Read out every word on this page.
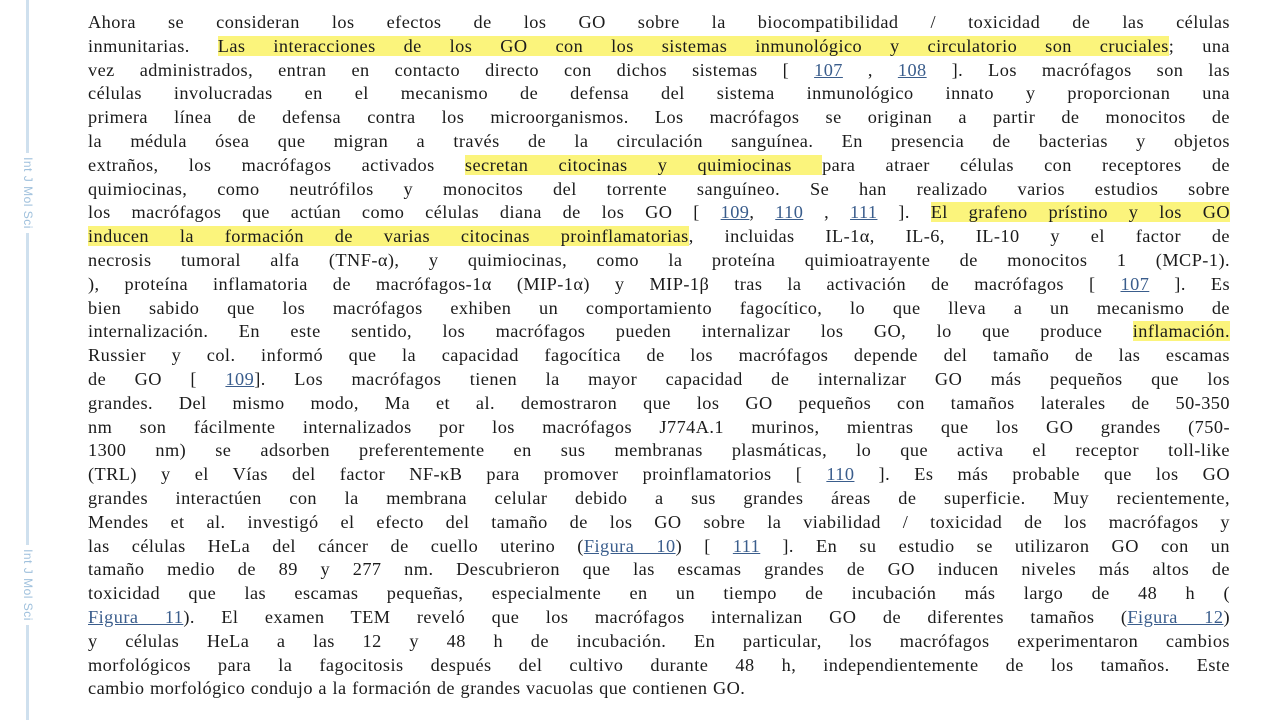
Int J Mol Sci
Int J Mol Sci
Ahora se consideran los efectos de los GO sobre la biocompatibilidad / toxicidad de las células
inmunitarias. Las interacciones de los GO con los sistemas inmunológico y circulatorio son cruciales; una
vez administrados, entran en contacto directo con dichos sistemas [ 107 , 108 ]. Los macrófagos son las
células involucradas en el mecanismo de defensa del sistema inmunológico innato y proporcionan una
primera línea de defensa contra los microorganismos. Los macrófagos se originan a partir de monocitos de
la médula ósea que migran a través de la circulación sanguínea. En presencia de bacterias y objetos
extraños, los macrófagos activados secretan citocinas y quimiocinas para atraer células con receptores de
quimiocinas, como neutrófilos y monocitos del torrente sanguíneo. Se han realizado varios estudios sobre
los macrófagos que actúan como células diana de los GO [ 109, 110 , 111 ]. El grafeno prístino y los GO
inducen la formación de varias citocinas proinflamatorias, incluidas IL-1α, IL-6, IL-10 y el factor de
necrosis tumoral alfa (TNF-α), y quimiocinas, como la proteína quimioatrayente de monocitos 1 (MCP-1).
), proteína inflamatoria de macrófagos-1α (MIP-1α) y MIP-1β tras la activación de macrófagos [ 107 ]. Es
bien sabido que los macrófagos exhiben un comportamiento fagocítico, lo que lleva a un mecanismo de
internalización. En este sentido, los macrófagos pueden internalizar los GO, lo que produce inflamación.
Russier y col. informó que la capacidad fagocítica de los macrófagos depende del tamaño de las escamas
de GO [ 109]. Los macrófagos tienen la mayor capacidad de internalizar GO más pequeños que los
grandes. Del mismo modo, Ma et al. demostraron que los GO pequeños con tamaños laterales de 50-350
nm son fácilmente internalizados por los macrófagos J774A.1 murinos, mientras que los GO grandes (750-
1300 nm) se adsorben preferentemente en sus membranas plasmáticas, lo que activa el receptor toll-like
(TRL) y el Vías del factor NF-κB para promover proinflamatorios [ 110 ]. Es más probable que los GO
grandes interactúen con la membrana celular debido a sus grandes áreas de superficie. Muy recientemente,
Mendes et al. investigó el efecto del tamaño de los GO sobre la viabilidad / toxicidad de los macrófagos y
las células HeLa del cáncer de cuello uterino (Figura 10) [ 111 ]. En su estudio se utilizaron GO con un
tamaño medio de 89 y 277 nm. Descubrieron que las escamas grandes de GO inducen niveles más altos de
toxicidad que las escamas pequeñas, especialmente en un tiempo de incubación más largo de 48 h (
Figura 11). El examen TEM reveló que los macrófagos internalizan GO de diferentes tamaños (Figura 12)
y células HeLa a las 12 y 48 h de incubación. En particular, los macrófagos experimentaron cambios
morfológicos para la fagocitosis después del cultivo durante 48 h, independientemente de los tamaños. Este
cambio morfológico condujo a la formación de grandes vacuolas que contienen GO.
